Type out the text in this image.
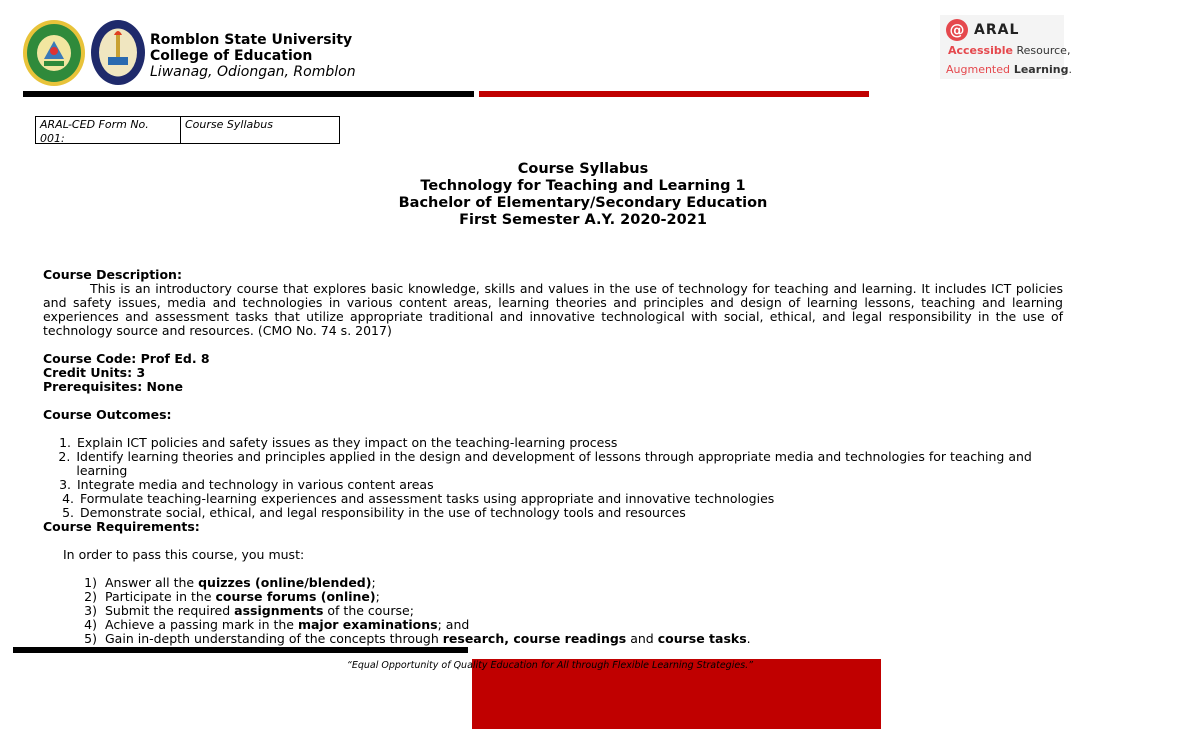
Romblon State University
College of Education
Liwanag, Odiongan, Romblon
@ ARAL
Accessible Resource,
Augmented Learning.
ARAL-CED Form No. 001:
Course Syllabus
Course Syllabus
Technology for Teaching and Learning 1
Bachelor of Elementary/Secondary Education
First Semester A.Y. 2020-2021
Course Description:

This is an introductory course that explores basic knowledge, skills and values in the use of technology for teaching and learning. It includes ICT policies and safety issues, media and technologies in various content areas, learning theories and principles and design of learning lessons, teaching and learning experiences and assessment tasks that utilize appropriate traditional and innovative technological with social, ethical, and legal responsibility in the use of technology source and resources. (CMO No. 74 s. 2017)

Course Code: Prof Ed. 8
Credit Units: 3
Prerequisites: None
Course Outcomes:
1. Explain ICT policies and safety issues as they impact on the teaching-learning process
2. Identify learning theories and principles applied in the design and development of lessons through appropriate media and technologies for teaching and learning
3. Integrate media and technology in various content areas
4. Formulate teaching-learning experiences and assessment tasks using appropriate and innovative technologies
5. Demonstrate social, ethical, and legal responsibility in the use of technology tools and resources
Course Requirements:
In order to pass this course, you must:
1) Answer all the quizzes (online/blended);
2) Participate in the course forums (online);
3) Submit the required assignments of the course;
4) Achieve a passing mark in the major examinations; and
5) Gain in-depth understanding of the concepts through research, course readings and course tasks.
“Equal Opportunity of Quality Education for All through Flexible Learning Strategies.”
